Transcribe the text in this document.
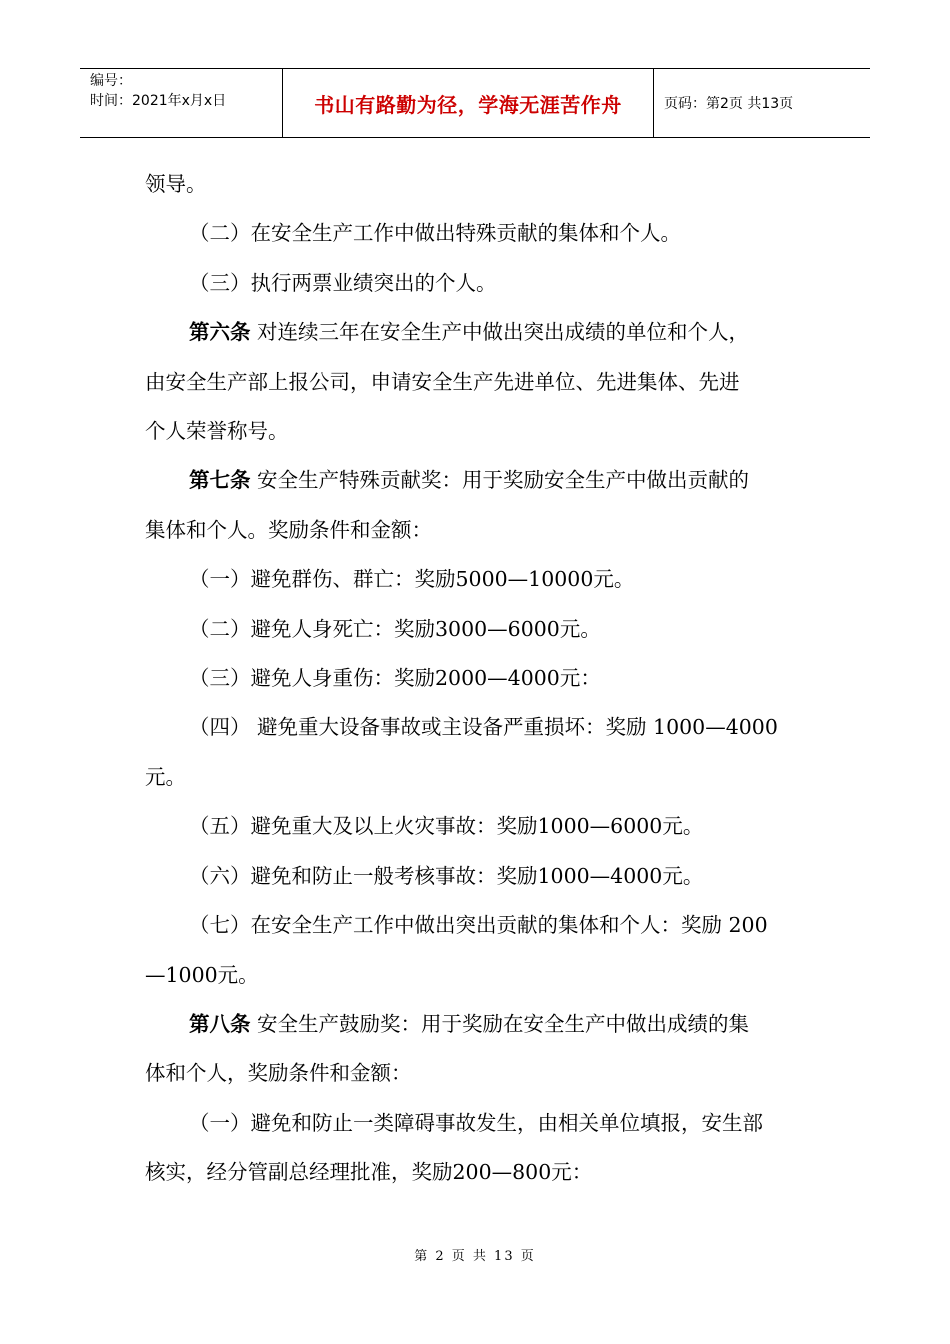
编号：
时间：2021年x月x日	书山有路勤为径，学海无涯苦作舟	页码：第2页 共13页
领导。
（二）在安全生产工作中做出特殊贡献的集体和个人。
（三）执行两票业绩突出的个人。
第六条 对连续三年在安全生产中做出突出成绩的单位和个人，
由安全生产部上报公司，申请安全生产先进单位、先进集体、先进
个人荣誉称号。
第七条 安全生产特殊贡献奖：用于奖励安全生产中做出贡献的
集体和个人。奖励条件和金额：
（一）避免群伤、群亡：奖励5000—10000元。
（二）避免人身死亡：奖励3000—6000元。
（三）避免人身重伤：奖励2000—4000元：
（四） 避免重大设备事故或主设备严重损坏：奖励 1000—4000
元。
（五）避免重大及以上火灾事故：奖励1000—6000元。
（六）避免和防止一般考核事故：奖励1000—4000元。
（七）在安全生产工作中做出突出贡献的集体和个人：奖励 200
—1000元。
第八条 安全生产鼓励奖：用于奖励在安全生产中做出成绩的集
体和个人，奖励条件和金额：
（一）避免和防止一类障碍事故发生，由相关单位填报，安生部
核实，经分管副总经理批准，奖励200—800元：
第 2 页 共 13 页
